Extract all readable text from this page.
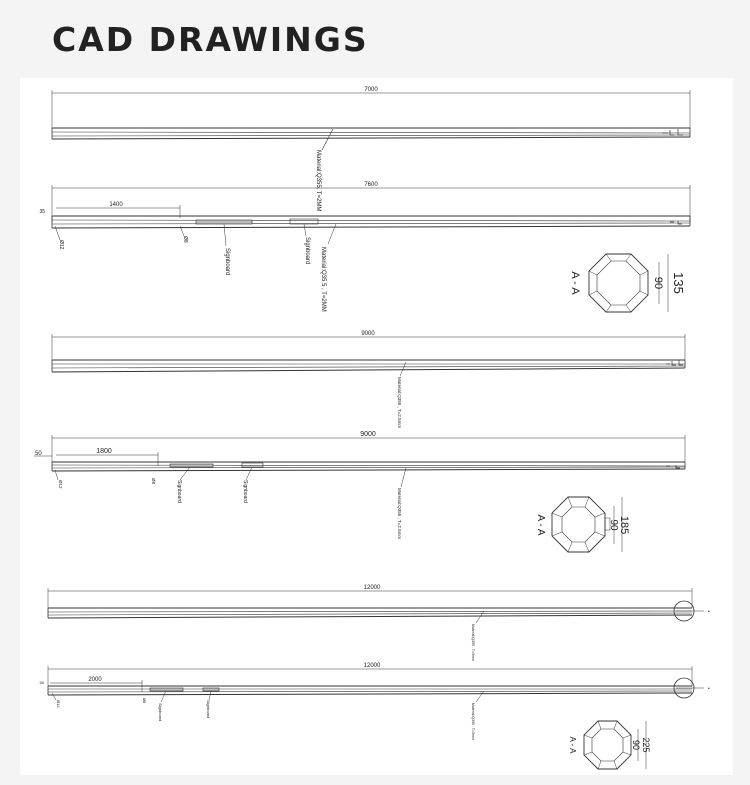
CAD DRAWINGS
7000
Material:Q355, T=2MM	7600
35
1400
Ø12
Ø8
Signboard	Signboard Material:Q35 5 , T=2MM	90 135
A - A
9000
Material:Q355 , T=2.5mm
9000
50	1800
Ø12	Ø8	Signboard	Signboard	Material:Q355 , T=2.5mm	90 185
A - A
12000
•
Material:Q355 , T=3mm
12000
50	2000
•
Ø12	Ø8
Signboard	Signboard	Material:Q355 , T=3mm
90 225
A - A
